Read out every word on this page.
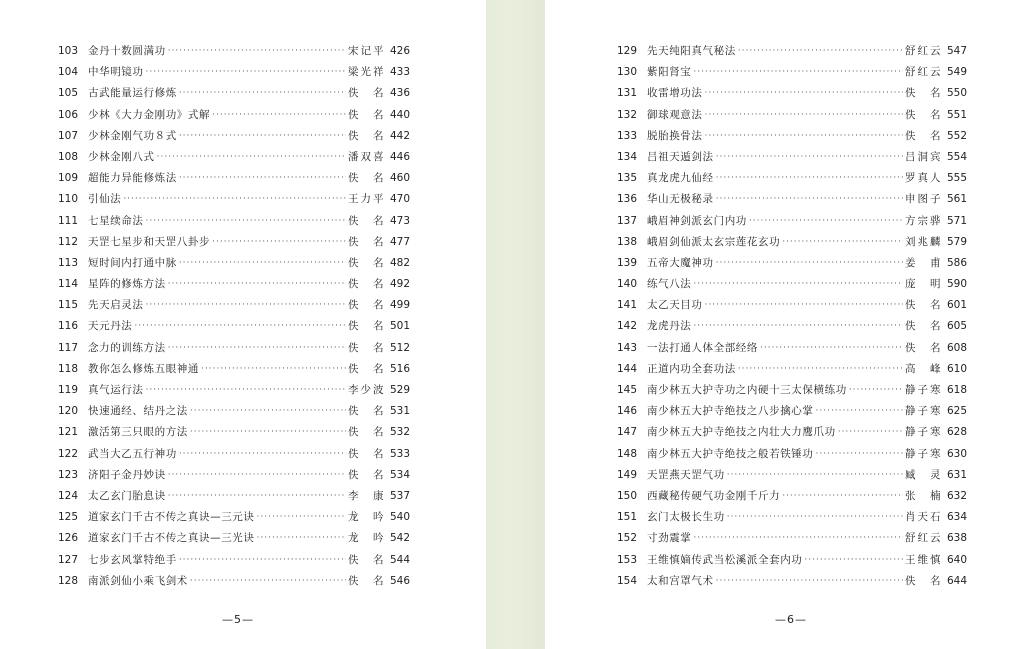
103 金丹十数圆满功 ·····	宋记平 426
104 中华明镜功 ·····	梁光祥 433
105 古武能量运行修炼 ·····	佚　名 436
106 少林《大力金刚功》式解 ·····	佚　名 440
107 少林金刚气功８式 ·····	佚　名 442
108 少林金刚八式 ·····	潘双喜 446
109 超能力异能修炼法 ·····	佚　名 460
110 引仙法 ·····	王力平 470
111 七星续命法 ·····	佚　名 473
112 天罡七星步和天罡八卦步 ·····	佚　名 477
113 短时间内打通中脉 ·····	佚　名 482
114 星阵的修炼方法 ·····	佚　名 492
115 先天启灵法 ·····	佚　名 499
116 天元丹法 ·····	佚　名 501
117 念力的训练方法 ·····	佚　名 512
118 教你怎么修炼五眼神通 ·····	佚　名 516
119 真气运行法 ·····	李少波 529
120 快速通经、结丹之法 ·····	佚　名 531
121 激活第三只眼的方法 ·····	佚　名 532
122 武当大乙五行神功 ·····	佚　名 533
123 济阳子金丹妙诀 ·····	佚　名 534
124 太乙玄门胎息诀 ·····	李　康 537
125 道家玄门千古不传之真诀—三元诀 ·····	龙　吟 540
126 道家玄门千古不传之真诀—三光诀 ·····	龙　吟 542
127 七步玄风掌特绝手 ·····	佚　名 544
128 南派剑仙小乘飞剑术 ·····	佚　名 546
—5—
129 先天纯阳真气秘法 ·····	舒红云 547
130 紫阳肾宝 ·····	舒红云 549
131 收雷增功法 ·····	佚　名 550
132 御球观意法 ·····	佚　名 551
133 脱胎换骨法 ·····	佚　名 552
134 吕祖天遁剑法 ·····	吕洞宾 554
135 真龙虎九仙经 ·····	罗真人 555
136 华山无极秘录 ·····	申图子 561
137 峨眉神剑派玄门内功 ·····	方宗骅 571
138 峨眉剑仙派太玄宗莲花玄功 ·····	刘兆麟 579
139 五帝大魔神功 ·····	姜　甫 586
140 练气八法 ·····	庞　明 590
141 太乙天目功 ·····	佚　名 601
142 龙虎丹法 ·····	佚　名 605
143 一法打通人体全部经络 ·····	佚　名 608
144 正道内功全套功法 ·····	高　峰 610
145 南少林五大护寺功之内硬十三太保横练功 ·····	静子寒 618
146 南少林五大护寺绝技之八步擒心掌 ·····	静子寒 625
147 南少林五大护寺绝技之内壮大力鹰爪功 ·····	静子寒 628
148 南少林五大护寺绝技之般若铁锤功 ·····	静子寒 630
149 天罡燕天罡气功 ·····	臧　灵 631
150 西藏秘传硬气功金刚千斤力 ·····	张　楠 632
151 玄门太极长生功 ·····	肖天石 634
152 寸劲震掌 ·····	舒红云 638
153 王维慎嫡传武当松溪派全套内功 ·····	王维慎 640
154 太和宫罩气术 ·····	佚　名 644
—6—
